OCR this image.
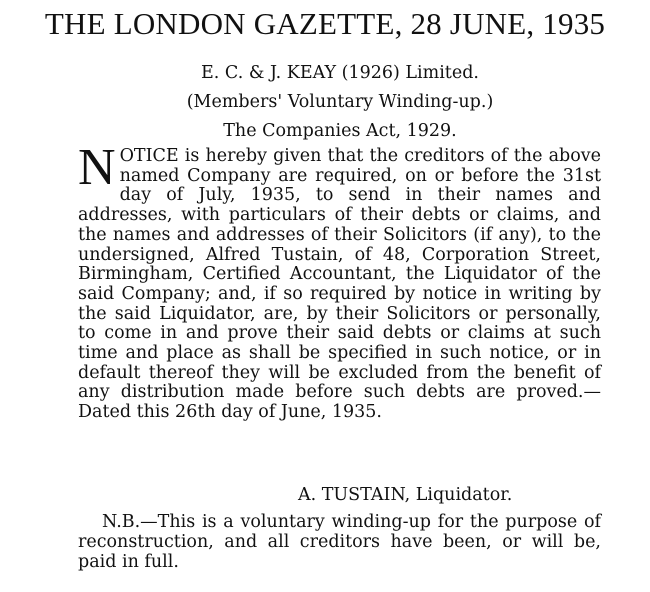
THE LONDON GAZETTE, 28 JUNE, 1935
E. C. & J. KEAY (1926) Limited.
(Members' Voluntary Winding-up.)
The Companies Act, 1929.
N OTICE is hereby given that the creditors of the above named Company are required, on or before the 31st day of July, 1935, to send in their names and addresses, with particulars of their debts or claims, and the names and addresses of their Solicitors (if any), to the undersigned, Alfred Tustain, of 48, Corporation Street, Birmingham, Certified Accountant, the Liquidator of the said Company; and, if so required by notice in writing by the said Liquidator, are, by their Solicitors or personally, to come in and prove their said debts or claims at such time and place as shall be specified in such notice, or in default thereof they will be excluded from the benefit of any distribution made before such debts are proved.—Dated this 26th day of June, 1935.
A. TUSTAIN, Liquidator.
N.B.—This is a voluntary winding-up for the purpose of reconstruction, and all creditors have been, or will be, paid in full.
